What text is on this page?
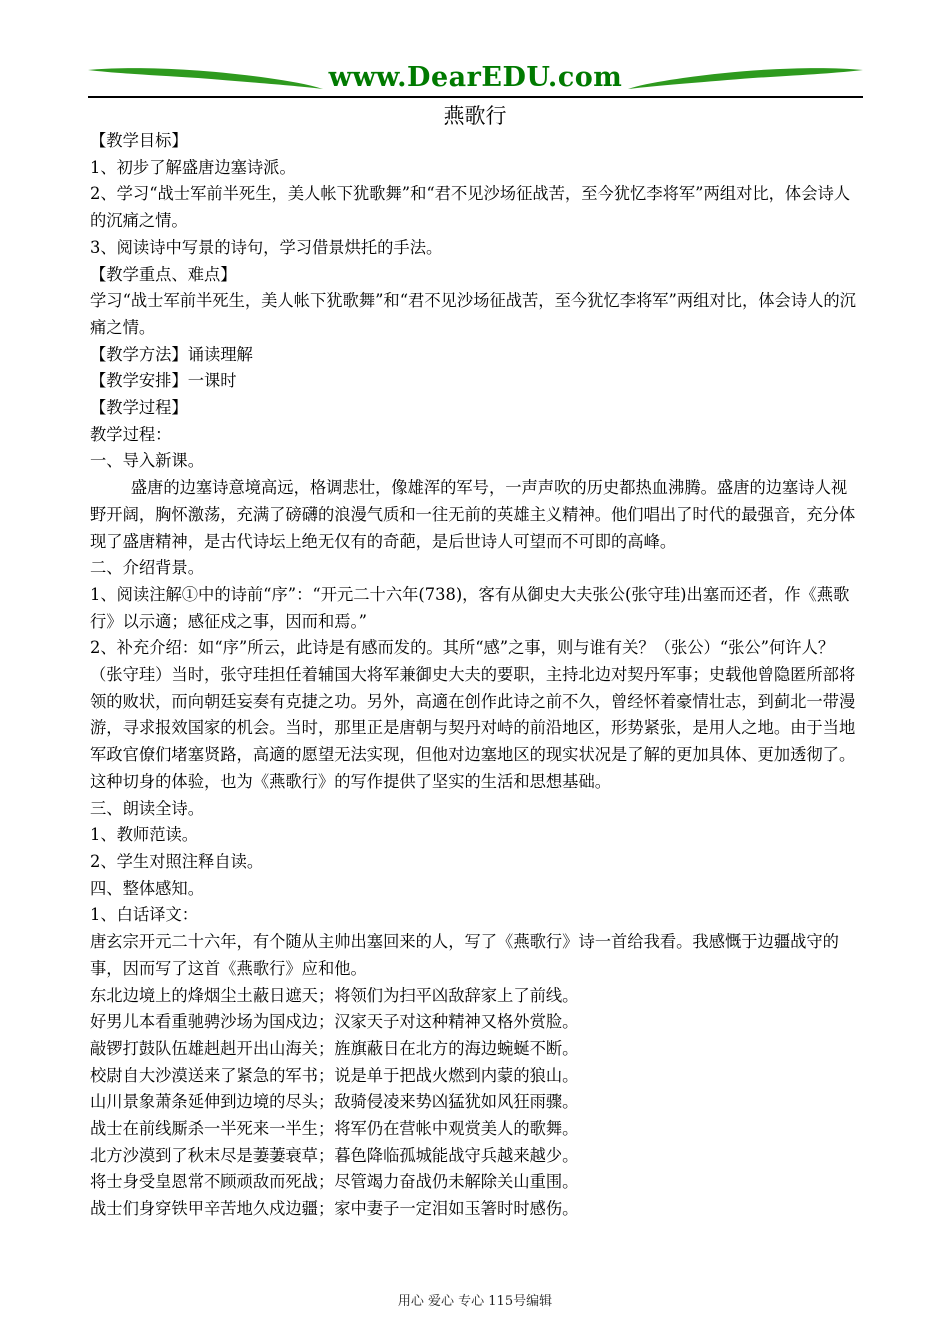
www.DearEDU.com
燕歌行

【教学目标】

1、初步了解盛唐边塞诗派。

2、学习“战士军前半死生，美人帐下犹歌舞”和“君不见沙场征战苦，至今犹忆李将军”两组对比，体会诗人的沉痛之情。

3、阅读诗中写景的诗句，学习借景烘托的手法。

【教学重点、难点】

学习“战士军前半死生，美人帐下犹歌舞”和“君不见沙场征战苦，至今犹忆李将军”两组对比，体会诗人的沉痛之情。

【教学方法】诵读理解

【教学安排】一课时

【教学过程】

教学过程：

一、导入新课。

盛唐的边塞诗意境高远，格调悲壮，像雄浑的军号，一声声吹的历史都热血沸腾。盛唐的边塞诗人视野开阔，胸怀激荡，充满了磅礴的浪漫气质和一往无前的英雄主义精神。他们唱出了时代的最强音，充分体现了盛唐精神，是古代诗坛上绝无仅有的奇葩，是后世诗人可望而不可即的高峰。

二、介绍背景。

1、阅读注解①中的诗前“序”：“开元二十六年(738)，客有从御史大夫张公(张守珪)出塞而还者，作《燕歌行》以示適；感征戍之事，因而和焉。”

2、补充介绍：如“序”所云，此诗是有感而发的。其所“感”之事，则与谁有关？（张公）“张公”何许人？（张守珪）当时，张守珪担任着辅国大将军兼御史大夫的要职，主持北边对契丹军事；史载他曾隐匿所部将领的败状，而向朝廷妄奏有克捷之功。另外，高適在创作此诗之前不久，曾经怀着豪情壮志，到蓟北一带漫游，寻求报效国家的机会。当时，那里正是唐朝与契丹对峙的前沿地区，形势紧张，是用人之地。由于当地军政官僚们堵塞贤路，高適的愿望无法实现，但他对边塞地区的现实状况是了解的更加具体、更加透彻了。这种切身的体验，也为《燕歌行》的写作提供了坚实的生活和思想基础。

三、朗读全诗。

1、教师范读。

2、学生对照注释自读。

四、整体感知。

1、白话译文：

唐玄宗开元二十六年，有个随从主帅出塞回来的人，写了《燕歌行》诗一首给我看。我感慨于边疆战守的事，因而写了这首《燕歌行》应和他。

东北边境上的烽烟尘土蔽日遮天；将领们为扫平凶敌辞家上了前线。

好男儿本看重驰骋沙场为国戍边；汉家天子对这种精神又格外赏脸。

敲锣打鼓队伍雄赳赳开出山海关；旌旗蔽日在北方的海边蜿蜒不断。

校尉自大沙漠送来了紧急的军书；说是单于把战火燃到内蒙的狼山。

山川景象萧条延伸到边境的尽头；敌骑侵凌来势凶猛犹如风狂雨骤。

战士在前线厮杀一半死来一半生；将军仍在营帐中观赏美人的歌舞。

北方沙漠到了秋末尽是萋萋衰草；暮色降临孤城能战守兵越来越少。

将士身受皇恩常不顾顽敌而死战；尽管竭力奋战仍未解除关山重围。

战士们身穿铁甲辛苦地久戍边疆；家中妻子一定泪如玉箸时时感伤。

用心 爱心 专心 115号编辑
